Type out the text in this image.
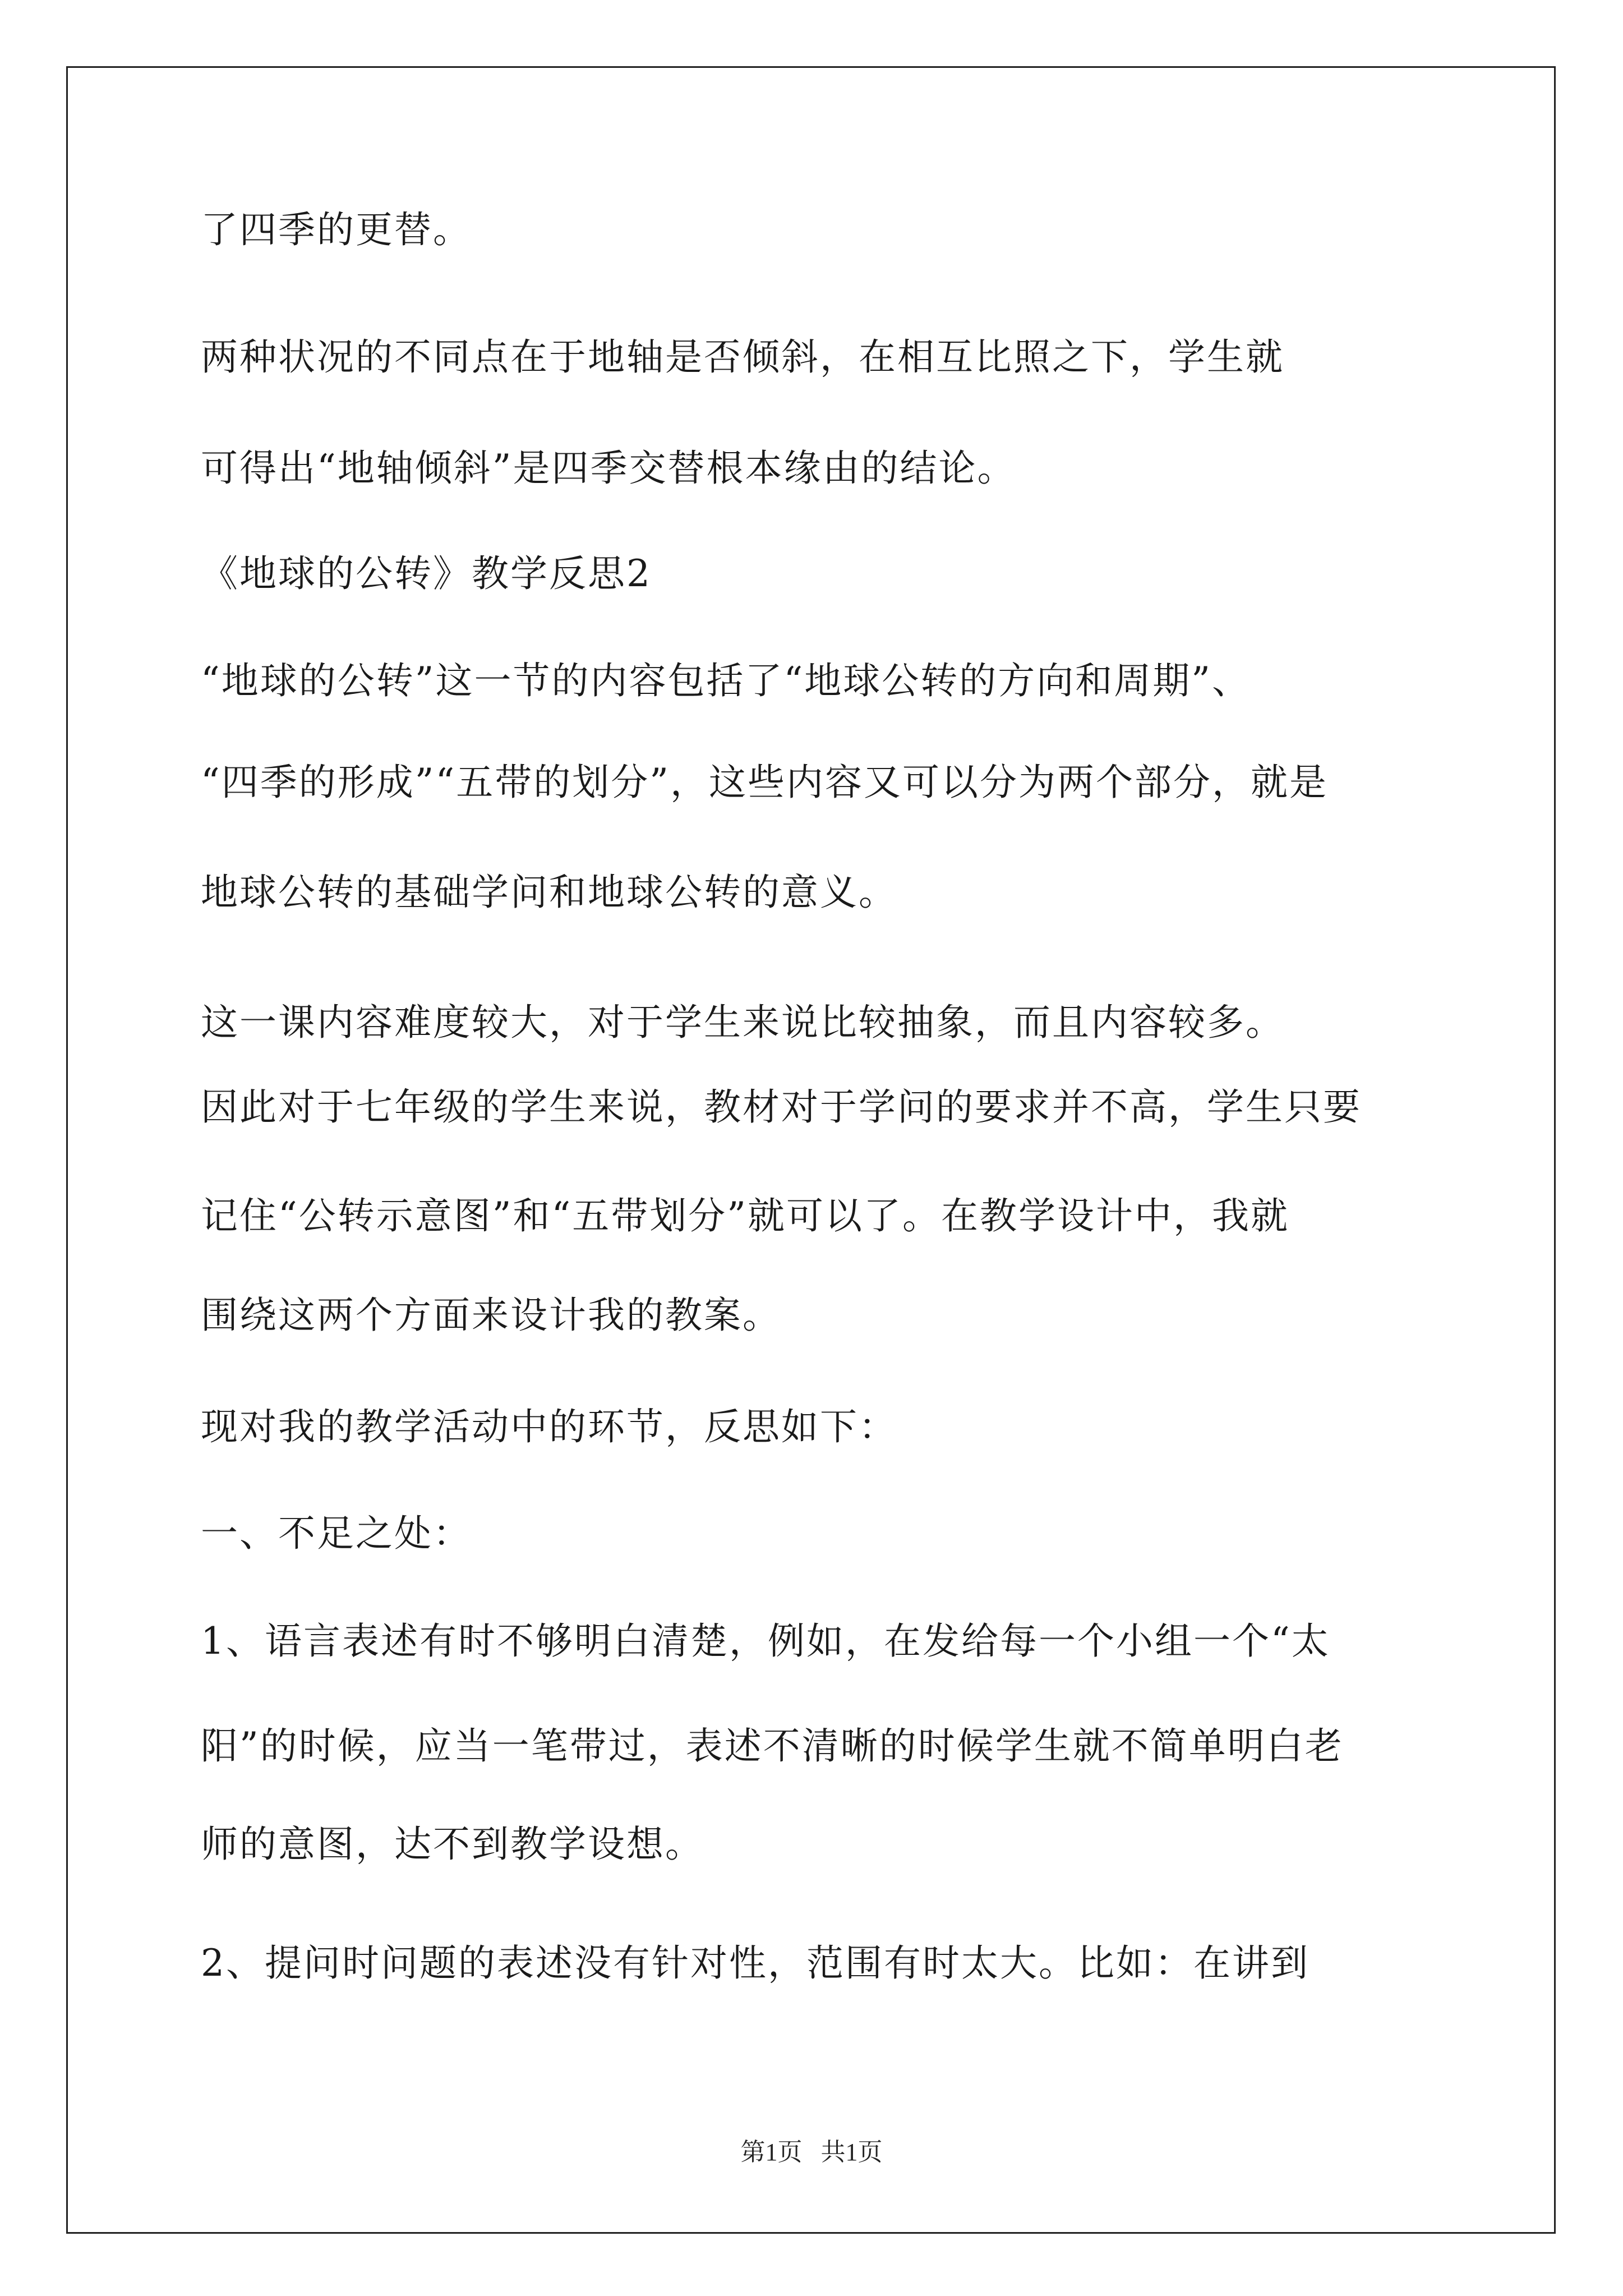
了四季的更替。
两种状况的不同点在于地轴是否倾斜，在相互比照之下，学生就
可得出“地轴倾斜”是四季交替根本缘由的结论。
《地球的公转》教学反思2
“地球的公转”这一节的内容包括了“地球公转的方向和周期”、
“四季的形成”“五带的划分”，这些内容又可以分为两个部分，就是
地球公转的基础学问和地球公转的意义。
这一课内容难度较大，对于学生来说比较抽象，而且内容较多。
因此对于七年级的学生来说，教材对于学问的要求并不高，学生只要
记住“公转示意图”和“五带划分”就可以了。在教学设计中，我就
围绕这两个方面来设计我的教案。
现对我的教学活动中的环节，反思如下：
一、不足之处：
1、语言表述有时不够明白清楚，例如，在发给每一个小组一个“太
阳”的时候，应当一笔带过，表述不清晰的时候学生就不简单明白老
师的意图，达不到教学设想。
2、提问时问题的表述没有针对性，范围有时太大。比如：在讲到
第1页   共1页
